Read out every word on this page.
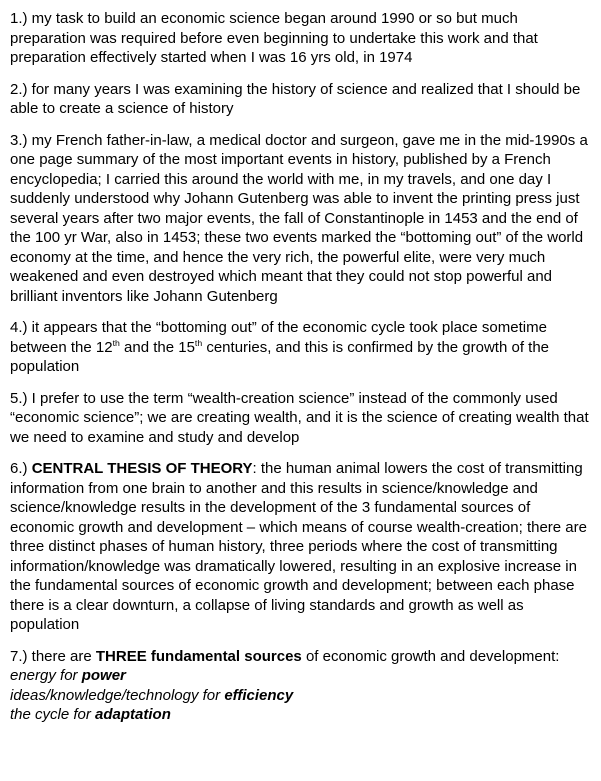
1.) my task to build an economic science began around 1990 or so but much preparation was required before even beginning to undertake this work and that preparation effectively started when I was 16 yrs old, in 1974

2.) for many years I was examining the history of science and realized that I should be able to create a science of history

3.) my French father-in-law, a medical doctor and surgeon, gave me in the mid-1990s a one page summary of the most important events in history, published by a French encyclopedia; I carried this around the world with me, in my travels, and one day I suddenly understood why Johann Gutenberg was able to invent the printing press just several years after two major events, the fall of Constantinople in 1453 and the end of the 100 yr War, also in 1453; these two events marked the “bottoming out” of the world economy at the time, and hence the very rich, the powerful elite, were very much weakened and even destroyed which meant that they could not stop powerful and brilliant inventors like Johann Gutenberg

4.) it appears that the “bottoming out” of the economic cycle took place sometime between the 12th and the 15th centuries, and this is confirmed by the growth of the population

5.) I prefer to use the term “wealth-creation science” instead of the commonly used “economic science”; we are creating wealth, and it is the science of creating wealth that we need to examine and study and develop

6.) CENTRAL THESIS OF THEORY: the human animal lowers the cost of transmitting information from one brain to another and this results in science/knowledge and science/knowledge results in the development of the 3 fundamental sources of economic growth and development – which means of course wealth-creation; there are three distinct phases of human history, three periods where the cost of transmitting information/knowledge was dramatically lowered, resulting in an explosive increase in the fundamental sources of economic growth and development; between each phase there is a clear downturn, a collapse of living standards and growth as well as population

7.) there are THREE fundamental sources of economic growth and development:
energy for power
ideas/knowledge/technology for efficiency
the cycle for adaptation
